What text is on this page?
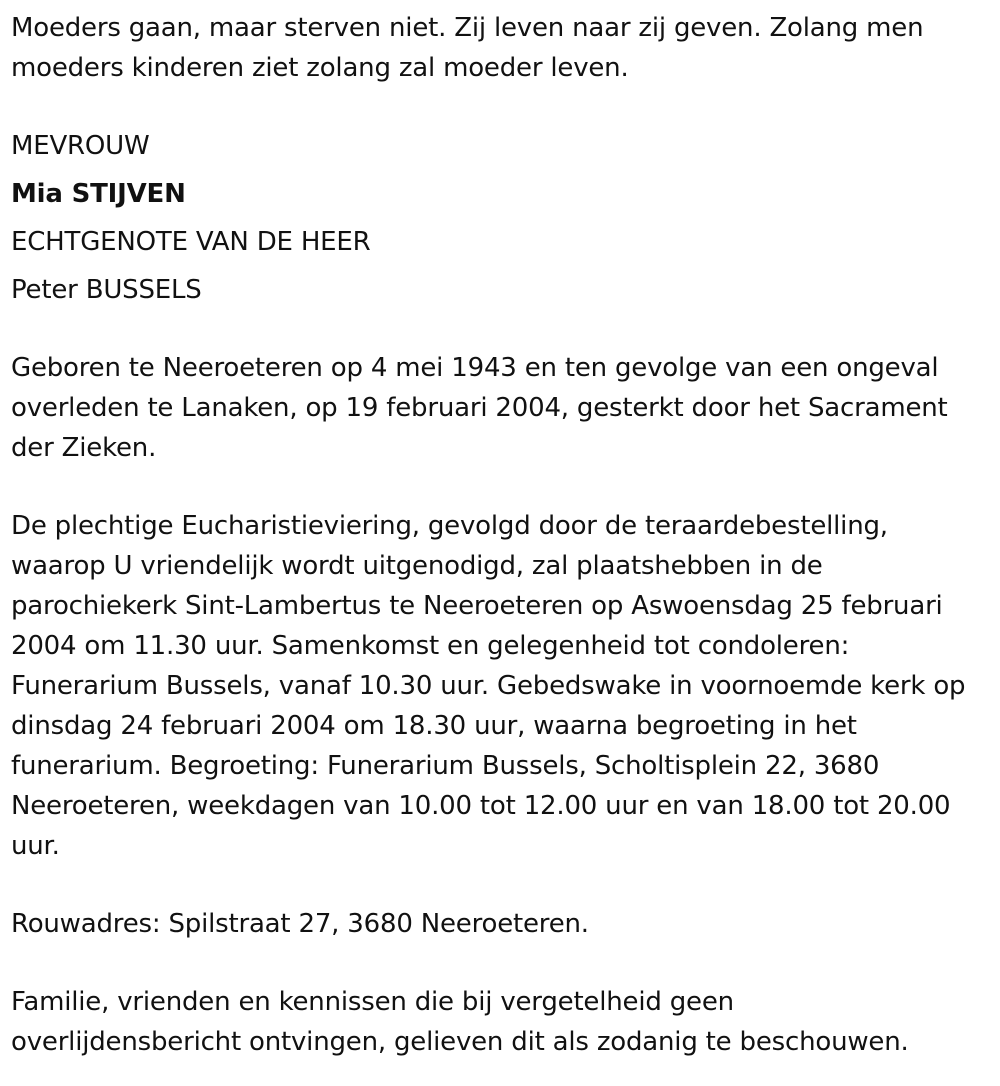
Moeders gaan, maar sterven niet. Zij leven naar zij geven. Zolang men
moeders kinderen ziet zolang zal moeder leven.

MEVROUW

Mia STIJVEN

ECHTGENOTE VAN DE HEER

Peter BUSSELS

Geboren te Neeroeteren op 4 mei 1943 en ten gevolge van een ongeval
overleden te Lanaken, op 19 februari 2004, gesterkt door het Sacrament
der Zieken.

De plechtige Eucharistieviering, gevolgd door de teraardebestelling,
waarop U vriendelijk wordt uitgenodigd, zal plaatshebben in de
parochiekerk Sint-Lambertus te Neeroeteren op Aswoensdag 25 februari
2004 om 11.30 uur. Samenkomst en gelegenheid tot condoleren:
Funerarium Bussels, vanaf 10.30 uur. Gebedswake in voornoemde kerk op
dinsdag 24 februari 2004 om 18.30 uur, waarna begroeting in het
funerarium. Begroeting: Funerarium Bussels, Scholtisplein 22, 3680
Neeroeteren, weekdagen van 10.00 tot 12.00 uur en van 18.00 tot 20.00
uur.

Rouwadres: Spilstraat 27, 3680 Neeroeteren.

Familie, vrienden en kennissen die bij vergetelheid geen
overlijdensbericht ontvingen, gelieven dit als zodanig te beschouwen.
